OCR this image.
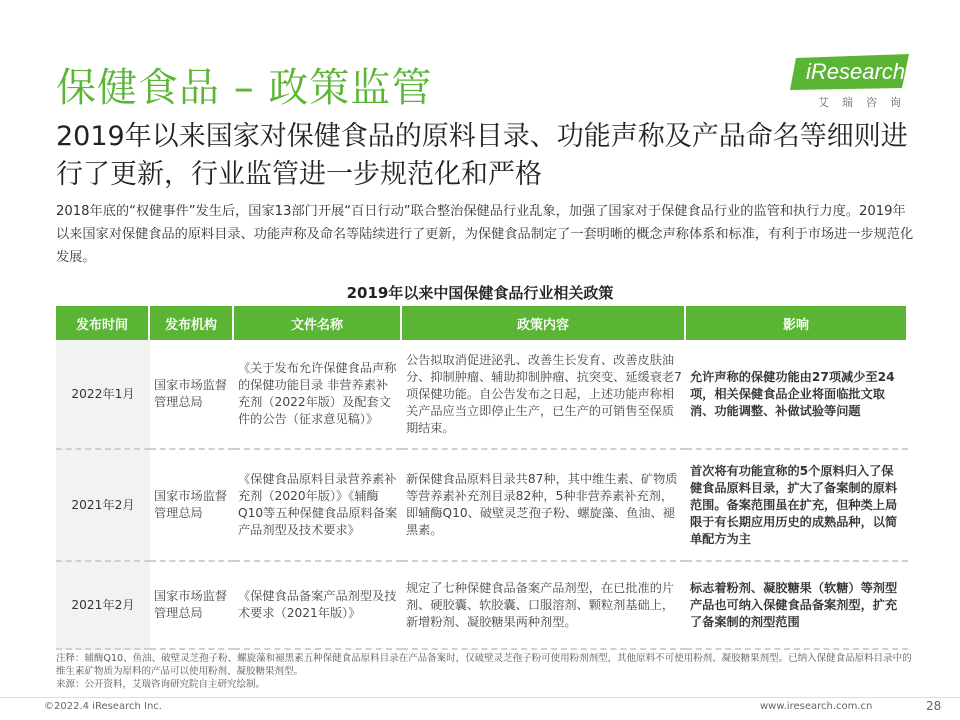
保健食品 – 政策监管	iResearch
艾瑞咨询
2019年以来国家对保健食品的原料目录、功能声称及产品命名等细则进行了更新，行业监管进一步规范化和严格
2018年底的“权健事件”发生后，国家13部门开展“百日行动”联合整治保健品行业乱象，加强了国家对于保健食品行业的监管和执行力度。2019年以来国家对保健食品的原料目录、功能声称及命名等陆续进行了更新，为保健食品制定了一套明晰的概念声称体系和标准，有利于市场进一步规范化发展。
2019年以来中国保健食品行业相关政策
发布时间	发布机构	文件名称	政策内容	影响
2022年1月	国家市场监督管理总局	《关于发布允许保健食品声称的保健功能目录 非营养素补充剂（2022年版）及配套文件的公告（征求意见稿）》	公告拟取消促进泌乳、改善生长发育、改善皮肤油分、抑制肿瘤、辅助抑制肿瘤、抗突变、延缓衰老7项保健功能。自公告发布之日起，上述功能声称相关产品应当立即停止生产，已生产的可销售至保质期结束。	允许声称的保健功能由27项减少至24项，相关保健食品企业将面临批文取消、功能调整、补做试验等问题
2021年2月	国家市场监督管理总局	《保健食品原料目录营养素补充剂（2020年版）》《辅酶Q10等五种保健食品原料备案产品剂型及技术要求》	新保健食品原料目录共87种，其中维生素、矿物质等营养素补充剂目录82种，5种非营养素补充剂，即辅酶Q10、破壁灵芝孢子粉、螺旋藻、鱼油、褪黑素。	首次将有功能宣称的5个原料归入了保健食品原料目录，扩大了备案制的原料范围。备案范围虽在扩充，但种类上局限于有长期应用历史的成熟品种，以简单配方为主
2021年2月	国家市场监督管理总局	《保健食品备案产品剂型及技术要求（2021年版）》	规定了七种保健食品备案产品剂型，在已批准的片剂、硬胶囊、软胶囊、口服溶剂、颗粒剂基础上，新增粉剂、凝胶糖果两种剂型。	标志着粉剂、凝胶糖果（软糖）等剂型产品也可纳入保健食品备案剂型，扩充了备案制的剂型范围
注释：辅酶Q10、鱼油、破壁灵芝孢子粉、螺旋藻和褪黑素五种保健食品原料目录在产品备案时，仅破壁灵芝孢子粉可使用粉剂剂型，其他原料不可使用粉剂、凝胶糖果剂型。已纳入保健食品原料目录中的维生素矿物质为原料的产品可以使用粉剂、凝胶糖果剂型。
来源：公开资料，艾瑞咨询研究院自主研究绘制。
©2022.4 iResearch Inc.	www.iresearch.com.cn	28
